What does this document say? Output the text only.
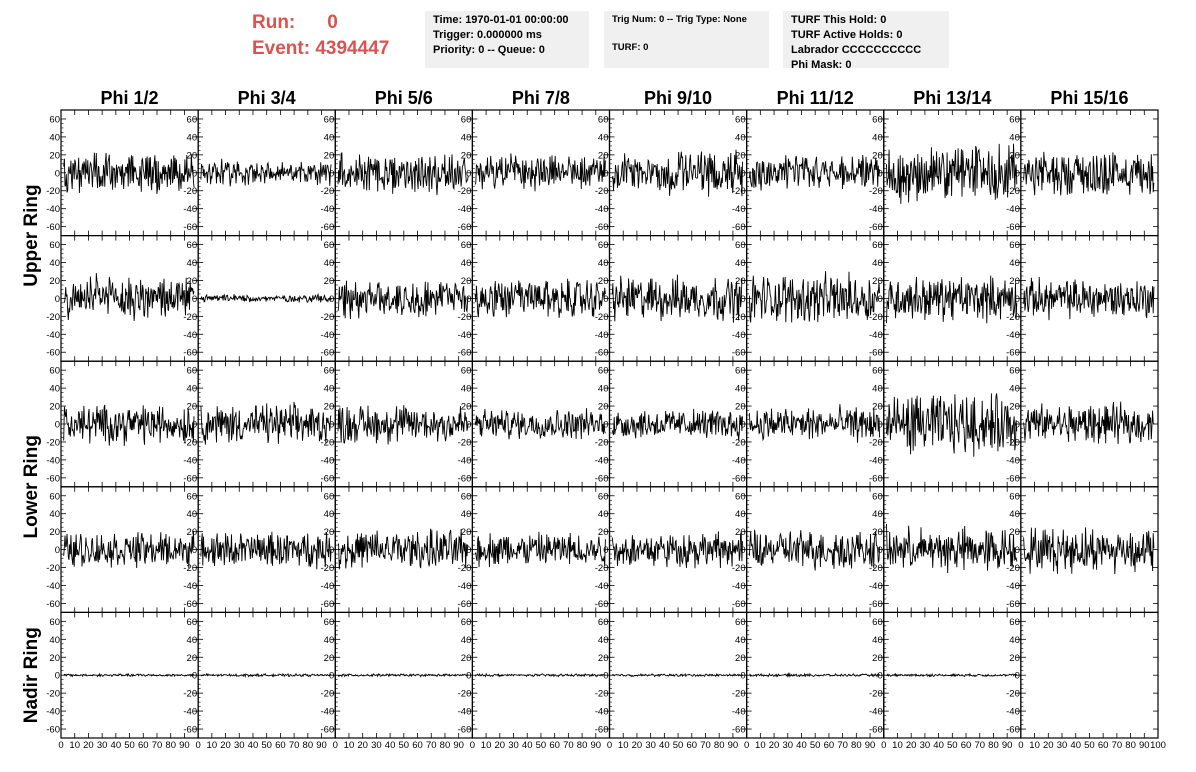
Run: 0
Event: 4394447
Time: 1970-01-01 00:00:00
Trigger: 0.000000 ms
Priority: 0 -- Queue: 0
Trig Num: 0 -- Trig Type: None
TURF: 0
TURF This Hold: 0
TURF Active Holds: 0
Labrador CCCCCCCCCC
Phi Mask: 0
Phi 1/2	Phi 3/4	Phi 5/6	Phi 7/8	Phi 9/10	Phi 11/12	Phi 13/14	Phi 15/16
Upper Ring
Lower Ring
Nadir Ring
60
40
20
0
-20
-40
-60
60
40
20
0
-20
-40
-60
60
40
20
0
-20
-40
-60
60
40
20
0
-20
-40
-60
60
40
20
0
-20
-40
-60
60
40
20
0
-20
-40
-60
60
40
20
0
-20
-40
-60
60
40
20
0
-20
-40
-60
60
40
20
0
-20
-40
-60
60
40
20
0
-20
-40
-60
60
40
20
0
-20
-40
-60
60
40
20
0
-20
-40
-60
60
40
20
0
-20
-40
-60
60
40
20
0
-20
-40
-60
60
40
20
0
-20
-40
-60
60
40
20
0
-20
-40
-60
60
40
20
0
-20
-40
-60
60
40
20
0
-20
-40
-60
60
40
20
0
-20
-40
-60
60
40
20
0
-20
-40
-60
60
40
20
0
-20
-40
-60
60
40
20
0
-20
-40
-60
60
40
20
0
-20
-40
-60
60
40
20
0
-20
-40
-60
60
40
20
0
-20
-40
-60
60
40
20
0
-20
-40
-60
60
40
20
0
-20
-40
-60
60
40
20
0
-20
-40
-60
60
40
20
0
-20
-40
-60
60
40
20
0
-20
-40
-60
60
40
20
0
-20
-40
-60
60
40
20
0
-20
-40
-60
60
40
20
0
-20
-40
-60
0 10 20 30 40 50 60 70 80 90
60
40
20
0
-20
-40
-60
0 10 20 30 40 50 60 70 80 90
60
40
20
0
-20
-40
-60
0 10 20 30 40 50 60 70 80 90
60
40
20
0
-20
-40
-60
0 10 20 30 40 50 60 70 80 90
60
40
20
0
-20
-40
-60
0 10 20 30 40 50 60 70 80 90
60
40
20
0
-20
-40
-60
0 10 20 30 40 50 60 70 80 90
60
40
20
0
-20
-40
-60
0 10 20 30 40 50 60 70 80 90
60
40
20
0
-20
-40
-60
0 10 20 30 40 50 60 70 80 90 100
